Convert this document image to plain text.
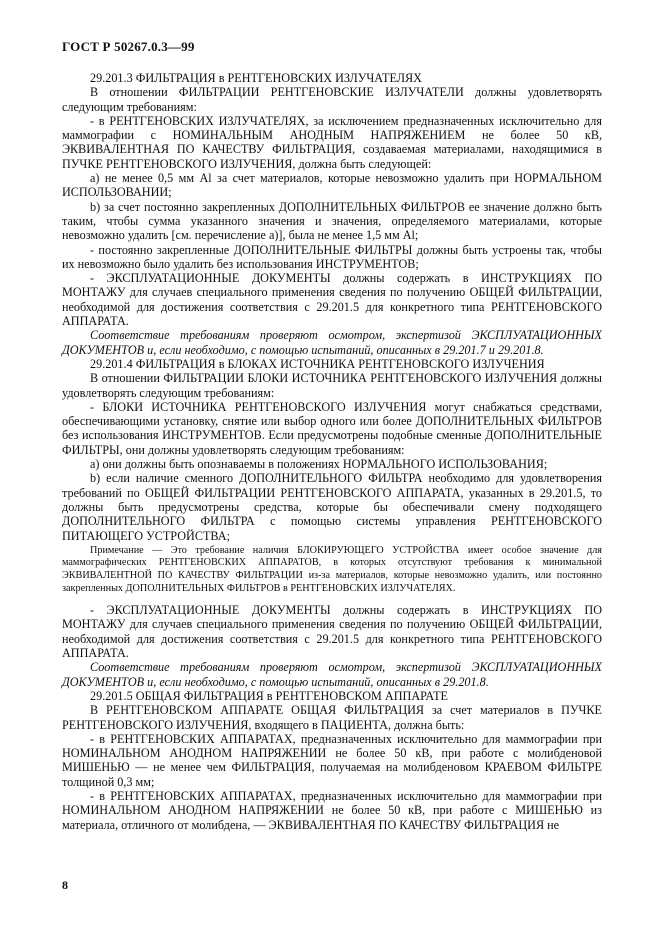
ГОСТ Р 50267.0.3—99

29.201.3 ФИЛЬТРАЦИЯ в РЕНТГЕНОВСКИХ ИЗЛУЧАТЕЛЯХ

В отношении ФИЛЬТРАЦИИ РЕНТГЕНОВСКИЕ ИЗЛУЧАТЕЛИ должны удовлетворять следующим требованиям:

- в РЕНТГЕНОВСКИХ ИЗЛУЧАТЕЛЯХ, за исключением предназначенных исключительно для маммографии с НОМИНАЛЬНЫМ АНОДНЫМ НАПРЯЖЕНИЕМ не более 50 кВ, ЭКВИВАЛЕНТНАЯ ПО КАЧЕСТВУ ФИЛЬТРАЦИЯ, создаваемая материалами, находящимися в ПУЧКЕ РЕНТГЕНОВСКОГО ИЗЛУЧЕНИЯ, должна быть следующей:

а) не менее 0,5 мм Al за счет материалов, которые невозможно удалить при НОРМАЛЬНОМ ИСПОЛЬЗОВАНИИ;

b) за счет постоянно закрепленных ДОПОЛНИТЕЛЬНЫХ ФИЛЬТРОВ ее значение должно быть таким, чтобы сумма указанного значения и значения, определяемого материалами, которые невозможно удалить [см. перечисление а)], была не менее 1,5 мм Al;

- постоянно закрепленные ДОПОЛНИТЕЛЬНЫЕ ФИЛЬТРЫ должны быть устроены так, чтобы их невозможно было удалить без использования ИНСТРУМЕНТОВ;

- ЭКСПЛУАТАЦИОННЫЕ ДОКУМЕНТЫ должны содержать в ИНСТРУКЦИЯХ ПО МОНТАЖУ для случаев специального применения сведения по получению ОБЩЕЙ ФИЛЬТРАЦИИ, необходимой для достижения соответствия с 29.201.5 для конкретного типа РЕНТГЕНОВСКОГО АППАРАТА.

Соответствие требованиям проверяют осмотром, экспертизой ЭКСПЛУАТАЦИОННЫХ ДОКУМЕНТОВ и, если необходимо, с помощью испытаний, описанных в 29.201.7 и 29.201.8.

29.201.4 ФИЛЬТРАЦИЯ в БЛОКАХ ИСТОЧНИКА РЕНТГЕНОВСКОГО ИЗЛУЧЕНИЯ

В отношении ФИЛЬТРАЦИИ БЛОКИ ИСТОЧНИКА РЕНТГЕНОВСКОГО ИЗЛУЧЕНИЯ должны удовлетворять следующим требованиям:

- БЛОКИ ИСТОЧНИКА РЕНТГЕНОВСКОГО ИЗЛУЧЕНИЯ могут снабжаться средствами, обеспечивающими установку, снятие или выбор одного или более ДОПОЛНИТЕЛЬНЫХ ФИЛЬТРОВ без использования ИНСТРУМЕНТОВ. Если предусмотрены подобные сменные ДОПОЛНИТЕЛЬНЫЕ ФИЛЬТРЫ, они должны удовлетворять следующим требованиям:

а) они должны быть опознаваемы в положениях НОРМАЛЬНОГО ИСПОЛЬЗОВАНИЯ;

b) если наличие сменного ДОПОЛНИТЕЛЬНОГО ФИЛЬТРА необходимо для удовлетворения требований по ОБЩЕЙ ФИЛЬТРАЦИИ РЕНТГЕНОВСКОГО АППАРАТА, указанных в 29.201.5, то должны быть предусмотрены средства, которые бы обеспечивали смену подходящего ДОПОЛНИТЕЛЬНОГО ФИЛЬТРА с помощью системы управления РЕНТГЕНОВСКОГО ПИТАЮЩЕГО УСТРОЙСТВА;

Примечание — Это требование наличия БЛОКИРУЮЩЕГО УСТРОЙСТВА имеет особое значение для маммографических РЕНТГЕНОВСКИХ АППАРАТОВ, в которых отсутствуют требования к минимальной ЭКВИВАЛЕНТНОЙ ПО КАЧЕСТВУ ФИЛЬТРАЦИИ из-за материалов, которые невозможно удалить, или постоянно закрепленных ДОПОЛНИТЕЛЬНЫХ ФИЛЬТРОВ в РЕНТГЕНОВСКИХ ИЗЛУЧАТЕЛЯХ.

- ЭКСПЛУАТАЦИОННЫЕ ДОКУМЕНТЫ должны содержать в ИНСТРУКЦИЯХ ПО МОНТАЖУ для случаев специального применения сведения по получению ОБЩЕЙ ФИЛЬТРАЦИИ, необходимой для достижения соответствия с 29.201.5 для конкретного типа РЕНТГЕНОВСКОГО АППАРАТА.

Соответствие требованиям проверяют осмотром, экспертизой ЭКСПЛУАТАЦИОННЫХ ДОКУМЕНТОВ и, если необходимо, с помощью испытаний, описанных в 29.201.8.

29.201.5 ОБЩАЯ ФИЛЬТРАЦИЯ в РЕНТГЕНОВСКОМ АППАРАТЕ

В РЕНТГЕНОВСКОМ АППАРАТЕ ОБЩАЯ ФИЛЬТРАЦИЯ за счет материалов в ПУЧКЕ РЕНТГЕНОВСКОГО ИЗЛУЧЕНИЯ, входящего в ПАЦИЕНТА, должна быть:

- в РЕНТГЕНОВСКИХ АППАРАТАХ, предназначенных исключительно для маммографии при НОМИНАЛЬНОМ АНОДНОМ НАПРЯЖЕНИИ не более 50 кВ, при работе с молибденовой МИШЕНЬЮ — не менее чем ФИЛЬТРАЦИЯ, получаемая на молибденовом КРАЕВОМ ФИЛЬТРЕ толщиной 0,3 мм;

- в РЕНТГЕНОВСКИХ АППАРАТАХ, предназначенных исключительно для маммографии при НОМИНАЛЬНОМ АНОДНОМ НАПРЯЖЕНИИ не более 50 кВ, при работе с МИШЕНЬЮ из материала, отличного от молибдена, — ЭКВИВАЛЕНТНАЯ ПО КАЧЕСТВУ ФИЛЬТРАЦИЯ не

8
